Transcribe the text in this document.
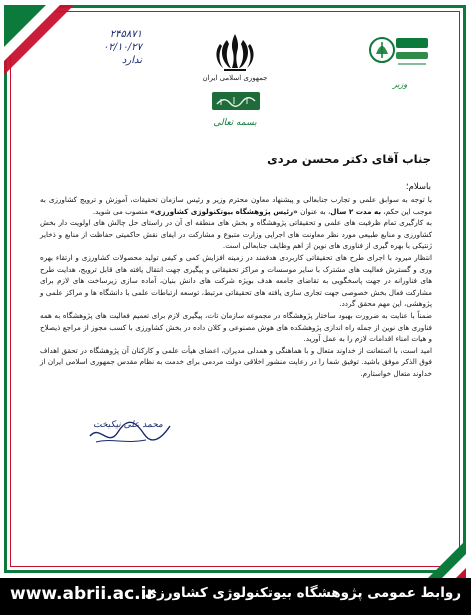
۲۴۵۸۷۱
۰۲/۱۰/۲۷
ندارد
جمهوری اسلامی ایران
بسمه تعالی
وزیر
جناب آقای دکتر محسن مردی
باسلام؛

با توجه به سوابق علمی و تجارب جنابعالی و پیشنهاد معاون محترم وزیر و رئیس سازمان تحقیقات، آموزش و ترویج کشاورزی به موجب این حکم، به مدت ۲ سال، به عنوان «رئیس پژوهشگاه بیوتکنولوژی کشاورزی» منصوب می شوید.

به کارگیری تمام ظرفیت های علمی و تحقیقاتی پژوهشگاه و بخش های منطقه ای آن در راستای حل چالش های اولویت دار بخش کشاورزی و منابع طبیعی مورد نظر معاونت های اجرایی وزارت متبوع و مشارکت در ایفای نقش حاکمیتی حفاظت از منابع و ذخایر ژنتیکی با بهره گیری از فناوری های نوین از اهم وظایف جنابعالی است.

انتظار میرود با اجرای طرح های تحقیقاتی کاربردی هدفمند در زمینه افزایش کمی و کیفی تولید محصولات کشاورزی و ارتقاء بهره وری و گسترش فعالیت های مشترک با سایر موسسات و مراکز تحقیقاتی و پیگیری جهت انتقال یافته های قابل ترویج، هدایت طرح های فناورانه در جهت پاسخگویی به تقاضای جامعه هدف بویژه شرکت های دانش بنیان، آماده سازی زیرساخت های لازم برای مشارکت فعال بخش خصوصی جهت تجاری سازی یافته های تحقیقاتی مرتبط، توسعه ارتباطات علمی با دانشگاه ها و مراکز علمی و پژوهشی، این مهم محقق گردد.

ضمناً با عنایت به ضرورت بهبود ساختار پژوهشگاه در مجموعه سازمان تات، پیگیری لازم برای تعمیم فعالیت های پژوهشگاه به همه فناوری های نوین از جمله راه اندازی پژوهشکده های هوش مصنوعی و کلان داده در بخش کشاورزی با کسب مجوز از مراجع ذیصلاح و هیات امناء اقدامات لازم را به عمل آورید.

امید است، با استعانت از خداوند متعال و با هماهنگی و همدلی مدیران، اعضای هیأت علمی و کارکنان آن پژوهشگاه در تحقق اهداف فوق الذکر موفق باشید. توفیق شما را در رعایت منشور اخلاقی دولت مردمی برای خدمت به نظام مقدس جمهوری اسلامی ایران از خداوند متعال خواستارم.

محمد علی نیکبخت
روابط عمومی پژوهشگاه بیوتکنولوژی کشاورزی
www.abrii.ac.ir
